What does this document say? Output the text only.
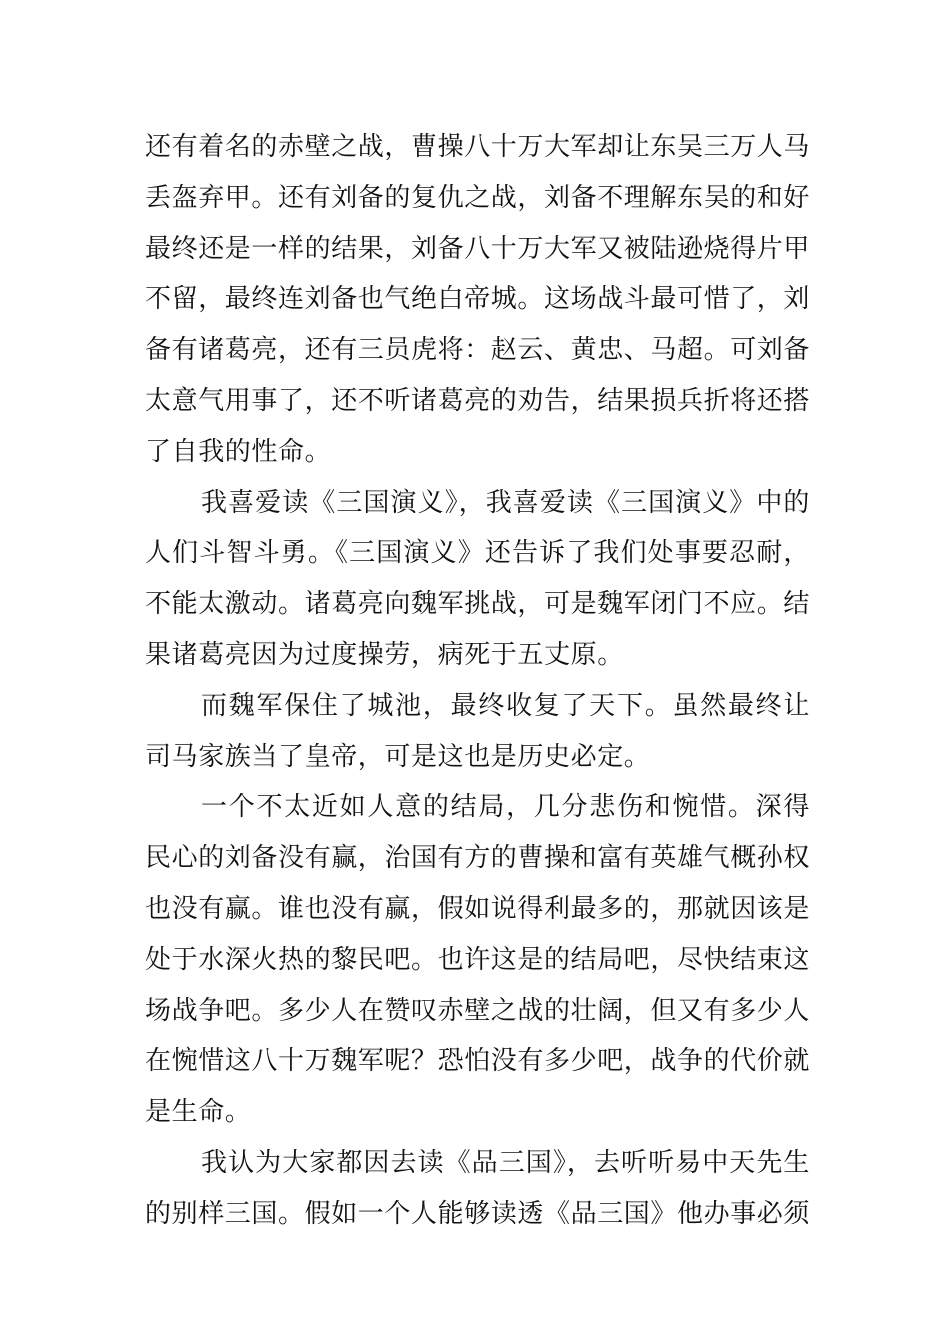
还有着名的赤壁之战，曹操八十万大军却让东吴三万人马丢盔弃甲。还有刘备的复仇之战，刘备不理解东吴的和好最终还是一样的结果，刘备八十万大军又被陆逊烧得片甲不留，最终连刘备也气绝白帝城。这场战斗最可惜了，刘备有诸葛亮，还有三员虎将：赵云、黄忠、马超。可刘备太意气用事了，还不听诸葛亮的劝告，结果损兵折将还搭了自我的性命。

我喜爱读《三国演义》，我喜爱读《三国演义》中的人们斗智斗勇。《三国演义》还告诉了我们处事要忍耐，不能太激动。诸葛亮向魏军挑战，可是魏军闭门不应。结果诸葛亮因为过度操劳，病死于五丈原。

而魏军保住了城池，最终收复了天下。虽然最终让司马家族当了皇帝，可是这也是历史必定。

一个不太近如人意的结局，几分悲伤和惋惜。深得民心的刘备没有赢，治国有方的曹操和富有英雄气概孙权也没有赢。谁也没有赢，假如说得利最多的，那就因该是处于水深火热的黎民吧。也许这是的结局吧，尽快结束这场战争吧。多少人在赞叹赤壁之战的壮阔，但又有多少人在惋惜这八十万魏军呢？恐怕没有多少吧，战争的代价就是生命。

我认为大家都因去读《品三国》，去听听易中天先生的别样三国。假如一个人能够读透《品三国》他办事必须
